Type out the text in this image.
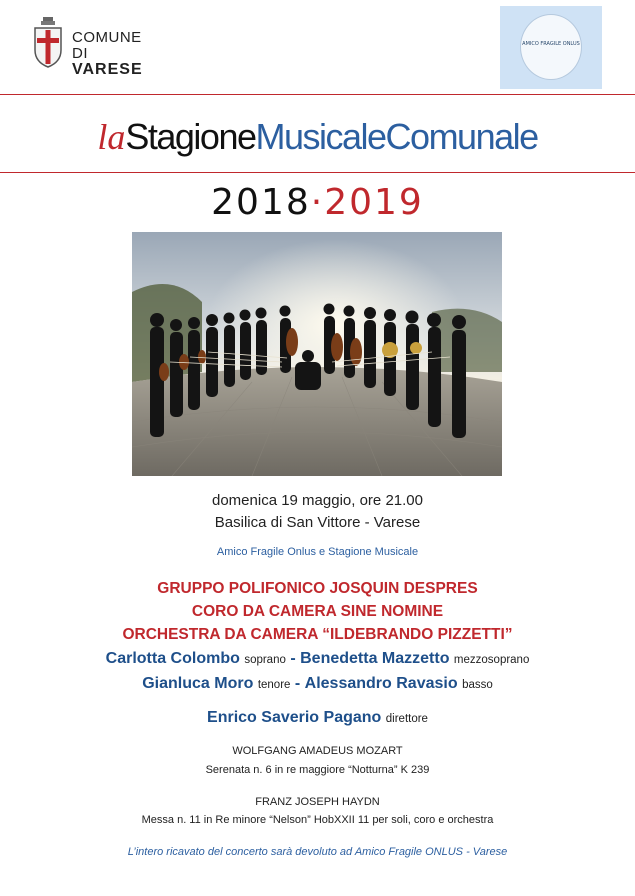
COMUNE DI
VARESE
AMICO FRAGILE ONLUS
laStagioneMusicaleComunale
2018·2019
domenica 19 maggio, ore 21.00
Basilica di San Vittore - Varese
Amico Fragile Onlus e Stagione Musicale
GRUPPO POLIFONICO JOSQUIN DESPRES
CORO DA CAMERA SINE NOMINE
ORCHESTRA DA CAMERA “ILDEBRANDO PIZZETTI”
Carlotta Colombo soprano - Benedetta Mazzetto mezzosoprano
Gianluca Moro tenore - Alessandro Ravasio basso
Enrico Saverio Pagano direttore
WOLFGANG AMADEUS MOZART
Serenata n. 6 in re maggiore “Notturna” K 239
FRANZ JOSEPH HAYDN
Messa n. 11 in Re minore “Nelson” HobXXII 11 per soli, coro e orchestra
L’intero ricavato del concerto sarà devoluto ad Amico Fragile ONLUS - Varese
